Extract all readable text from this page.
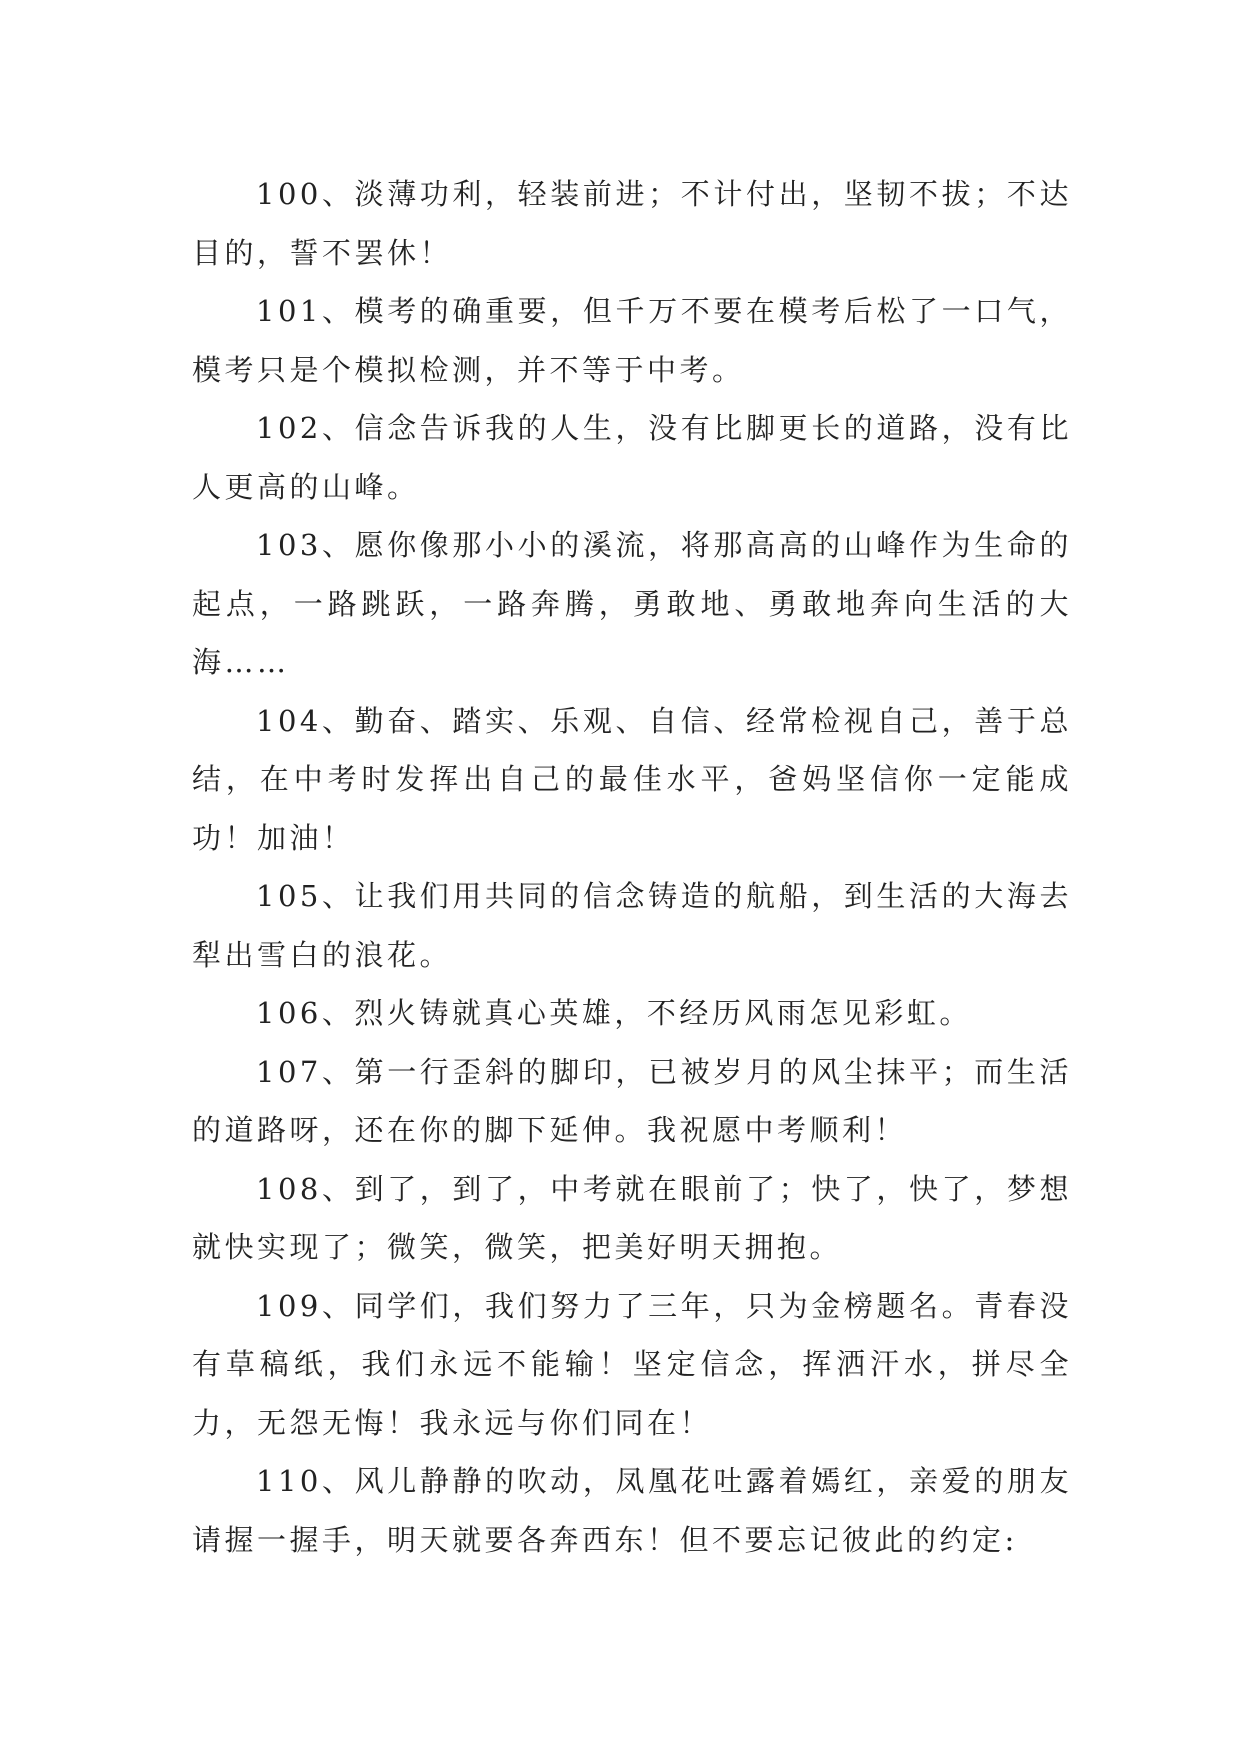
100、淡薄功利，轻装前进；不计付出，坚韧不拔；不达目的，誓不罢休！

101、模考的确重要，但千万不要在模考后松了一口气，模考只是个模拟检测，并不等于中考。

102、信念告诉我的人生，没有比脚更长的道路，没有比人更高的山峰。

103、愿你像那小小的溪流，将那高高的山峰作为生命的起点，一路跳跃，一路奔腾，勇敢地、勇敢地奔向生活的大海……

104、勤奋、踏实、乐观、自信、经常检视自己，善于总结，在中考时发挥出自己的最佳水平，爸妈坚信你一定能成功！加油！

105、让我们用共同的信念铸造的航船，到生活的大海去犁出雪白的浪花。

106、烈火铸就真心英雄，不经历风雨怎见彩虹。

107、第一行歪斜的脚印，已被岁月的风尘抹平；而生活的道路呀，还在你的脚下延伸。我祝愿中考顺利！

108、到了，到了，中考就在眼前了；快了，快了，梦想就快实现了；微笑，微笑，把美好明天拥抱。

109、同学们，我们努力了三年，只为金榜题名。青春没有草稿纸，我们永远不能输！坚定信念，挥洒汗水，拼尽全力，无怨无悔！我永远与你们同在！

110、风儿静静的吹动，凤凰花吐露着嫣红，亲爱的朋友请握一握手，明天就要各奔西东！但不要忘记彼此的约定:
